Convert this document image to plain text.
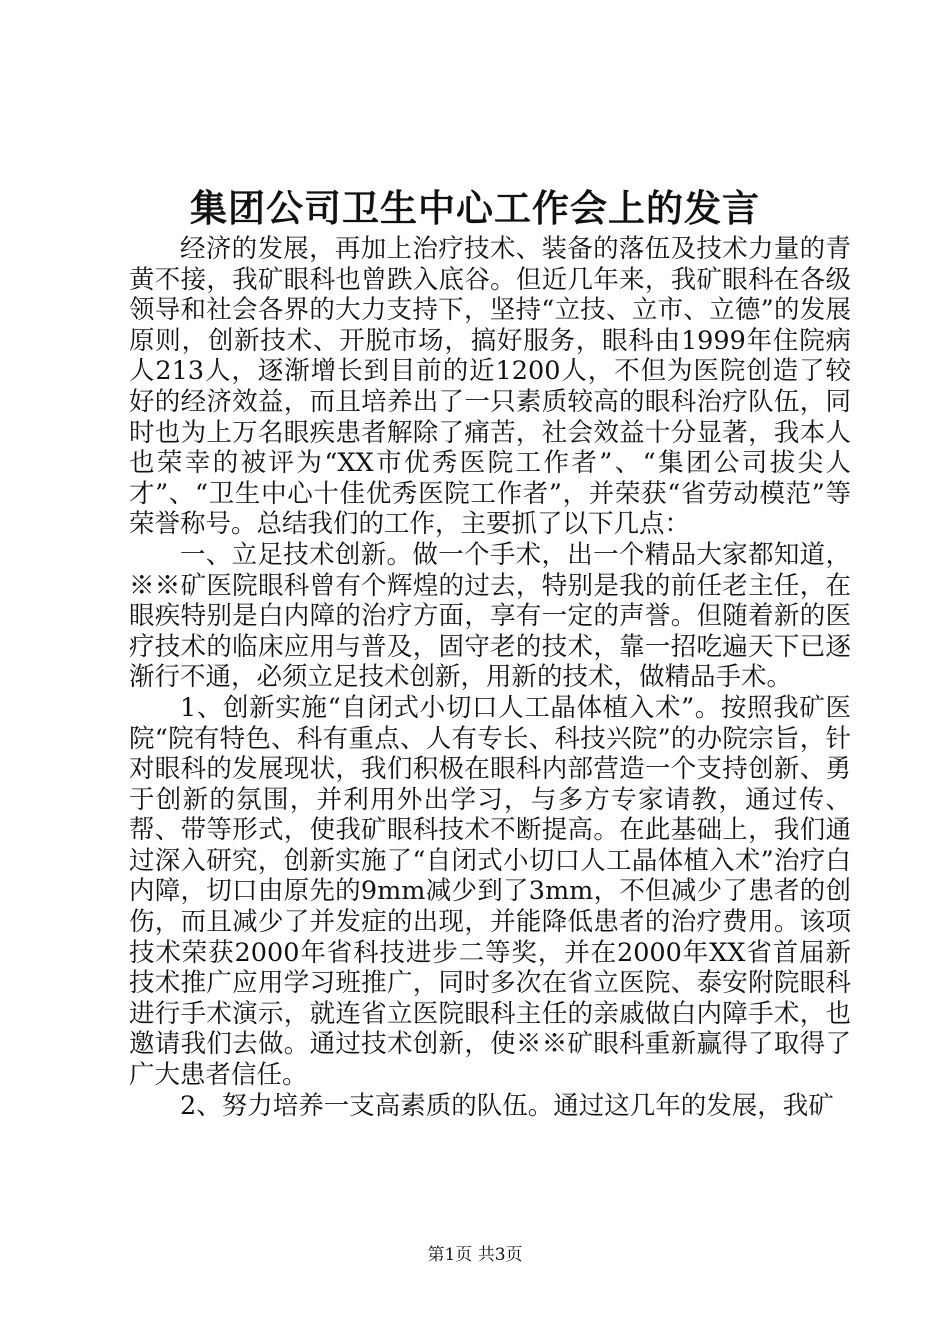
集团公司卫生中心工作会上的发言

经济的发展，再加上治疗技术、装备的落伍及技术力量的青黄不接，我矿眼科也曾跌入底谷。但近几年来，我矿眼科在各级领导和社会各界的大力支持下，坚持“立技、立市、立德”的发展原则，创新技术、开脱市场，搞好服务，眼科由1999年住院病人213人，逐渐增长到目前的近1200人，不但为医院创造了较好的经济效益，而且培养出了一只素质较高的眼科治疗队伍，同时也为上万名眼疾患者解除了痛苦，社会效益十分显著，我本人也荣幸的被评为“XX市优秀医院工作者”、“集团公司拔尖人才”、“卫生中心十佳优秀医院工作者”，并荣获“省劳动模范”等荣誉称号。总结我们的工作，主要抓了以下几点：

一、立足技术创新。做一个手术，出一个精品大家都知道，※※矿医院眼科曾有个辉煌的过去，特别是我的前任老主任，在眼疾特别是白内障的治疗方面，享有一定的声誉。但随着新的医疗技术的临床应用与普及，固守老的技术，靠一招吃遍天下已逐渐行不通，必须立足技术创新，用新的技术，做精品手术。

1、创新实施“自闭式小切口人工晶体植入术”。按照我矿医院“院有特色、科有重点、人有专长、科技兴院”的办院宗旨，针对眼科的发展现状，我们积极在眼科内部营造一个支持创新、勇于创新的氛围，并利用外出学习，与多方专家请教，通过传、帮、带等形式，使我矿眼科技术不断提高。在此基础上，我们通过深入研究，创新实施了“自闭式小切口人工晶体植入术”治疗白内障，切口由原先的9mm减少到了3mm，不但减少了患者的创伤，而且减少了并发症的出现，并能降低患者的治疗费用。该项技术荣获2000年省科技进步二等奖，并在2000年XX省首届新技术推广应用学习班推广，同时多次在省立医院、泰安附院眼科进行手术演示，就连省立医院眼科主任的亲戚做白内障手术，也邀请我们去做。通过技术创新，使※※矿眼科重新赢得了取得了广大患者信任。

2、努力培养一支高素质的队伍。通过这几年的发展，我矿

第1页 共3页
